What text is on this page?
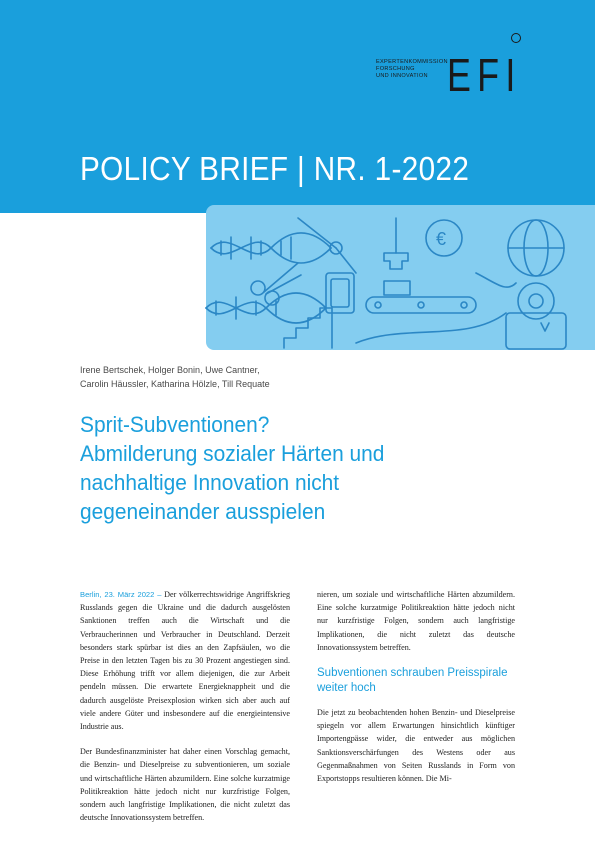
EXPERTENKOMMISSION
FORSCHUNG
UND INNOVATION EFI
POLICY BRIEF | NR. 1-2022
€
Irene Bertschek, Holger Bonin, Uwe Cantner,
Carolin Häussler, Katharina Hölzle, Till Requate
Sprit-Subventionen?
Abmilderung sozialer Härten und
nachhaltige Innovation nicht
gegeneinander ausspielen

Berlin, 23. März 2022 – Der völkerrechtswidrige Angriffskrieg Russlands gegen die Ukraine und die dadurch ausgelösten Sanktionen treffen auch die Wirtschaft und die Verbraucherinnen und Verbraucher in Deutschland. Derzeit besonders stark spürbar ist dies an den Zapfsäulen, wo die Preise in den letzten Tagen bis zu 30 Prozent angestiegen sind. Diese Erhöhung trifft vor allem diejenigen, die zur Arbeit pendeln müssen. Die erwartete Energieknappheit und die dadurch ausgelöste Preisexplosion wirken sich aber auch auf viele andere Güter und insbesondere auf die energieintensive Industrie aus.

Der Bundesfinanzminister hat daher einen Vorschlag gemacht, die Benzin- und Dieselpreise zu subventionieren, um soziale und wirtschaftliche Härten abzumildern. Eine solche kurzatmige Politikreaktion hätte jedoch nicht nur kurzfristige Folgen, sondern auch langfristige Implikationen, die nicht zuletzt das deutsche Innovationssystem betreffen.

nieren, um soziale und wirtschaftliche Härten abzumildern. Eine solche kurzatmige Politikreaktion hätte jedoch nicht nur kurzfristige Folgen, sondern auch langfristige Implikationen, die nicht zuletzt das deutsche Innovationssystem betreffen.

Subventionen schrauben Preisspirale weiter hoch

Die jetzt zu beobachtenden hohen Benzin- und Dieselpreise spiegeln vor allem Erwartungen hinsichtlich künftiger Importengpässe wider, die entweder aus möglichen Sanktionsverschärfungen des Westens oder aus Gegenmaßnahmen von Seiten Russlands in Form von Exportstopps resultieren können. Die Mi-
